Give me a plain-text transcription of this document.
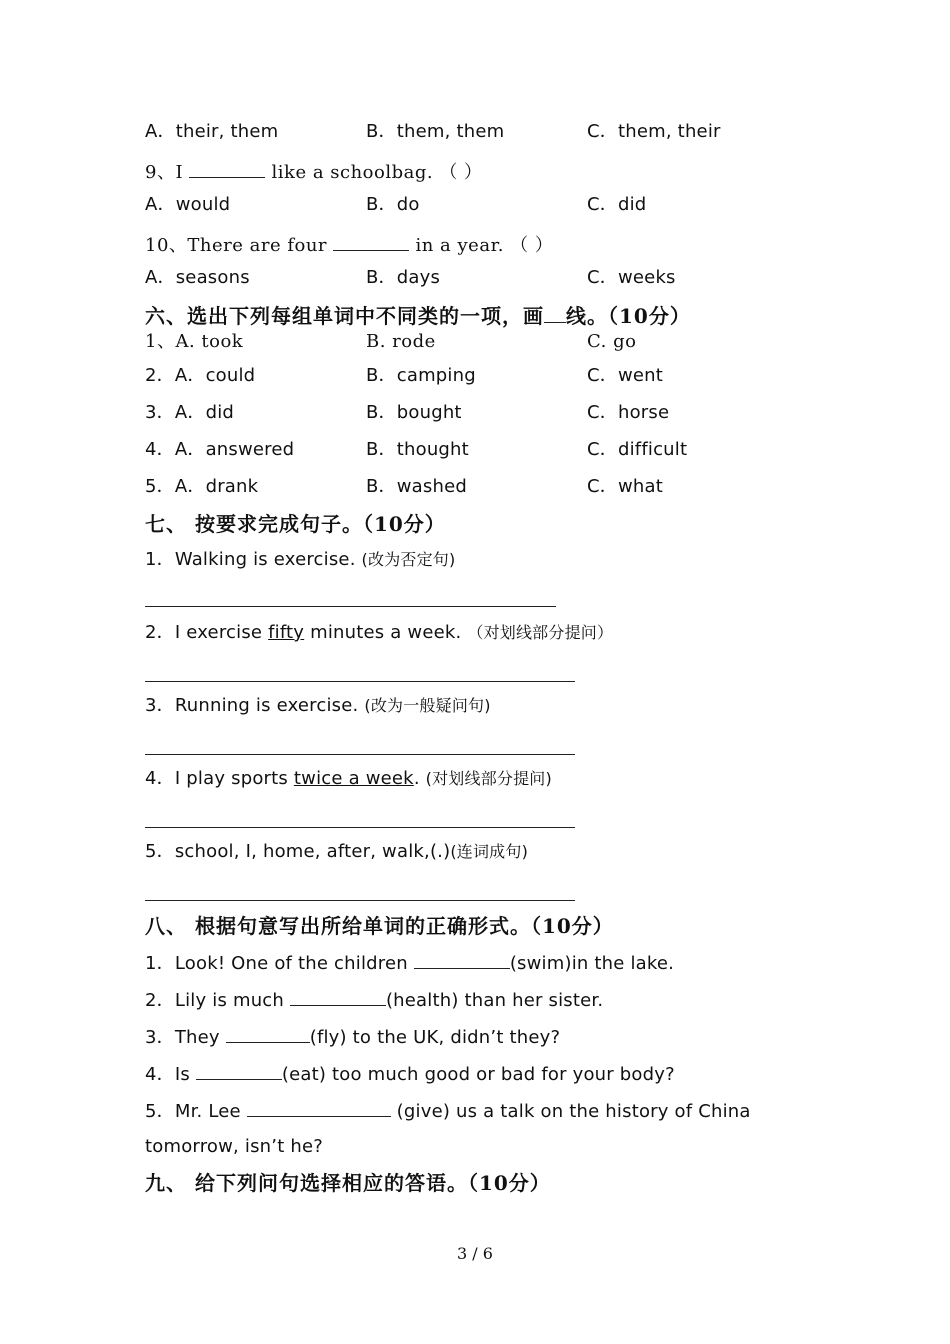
A．their, them	B．them, them	C．them, their
9、I	like a schoolbag. （ ）
A．would	B．do	C．did
10、There are four	in a year. （ ）
A．seasons	B．days	C．weeks
六、选出下列每组单词中不同类的一项，画 线。（10分）
1、A. took	B. rode	C. go
2．A．could	B．camping	C．went
3．A．did	B．bought	C．horse
4．A．answered	B．thought	C．difficult
5．A．drank	B．washed	C．what
七、 按要求完成句子。（10分）
1．Walking is exercise. (改为否定句)
2．I exercise fifty minutes a week. （对划线部分提问）
3．Running is exercise. (改为一般疑问句)
4．I play sports twice a week. (对划线部分提问)
5．school, I, home, after, walk,(.)(连词成句)
八、 根据句意写出所给单词的正确形式。（10分）
1．Look! One of the children	(swim)in the lake.
2．Lily is much	(health) than her sister.
3．They	(fly) to the UK, didn’t they?
4．Is	(eat) too much good or bad for your body?
5．Mr. Lee	(give) us a talk on the history of China
tomorrow, isn’t he?
九、 给下列问句选择相应的答语。（10分）
3 / 6
